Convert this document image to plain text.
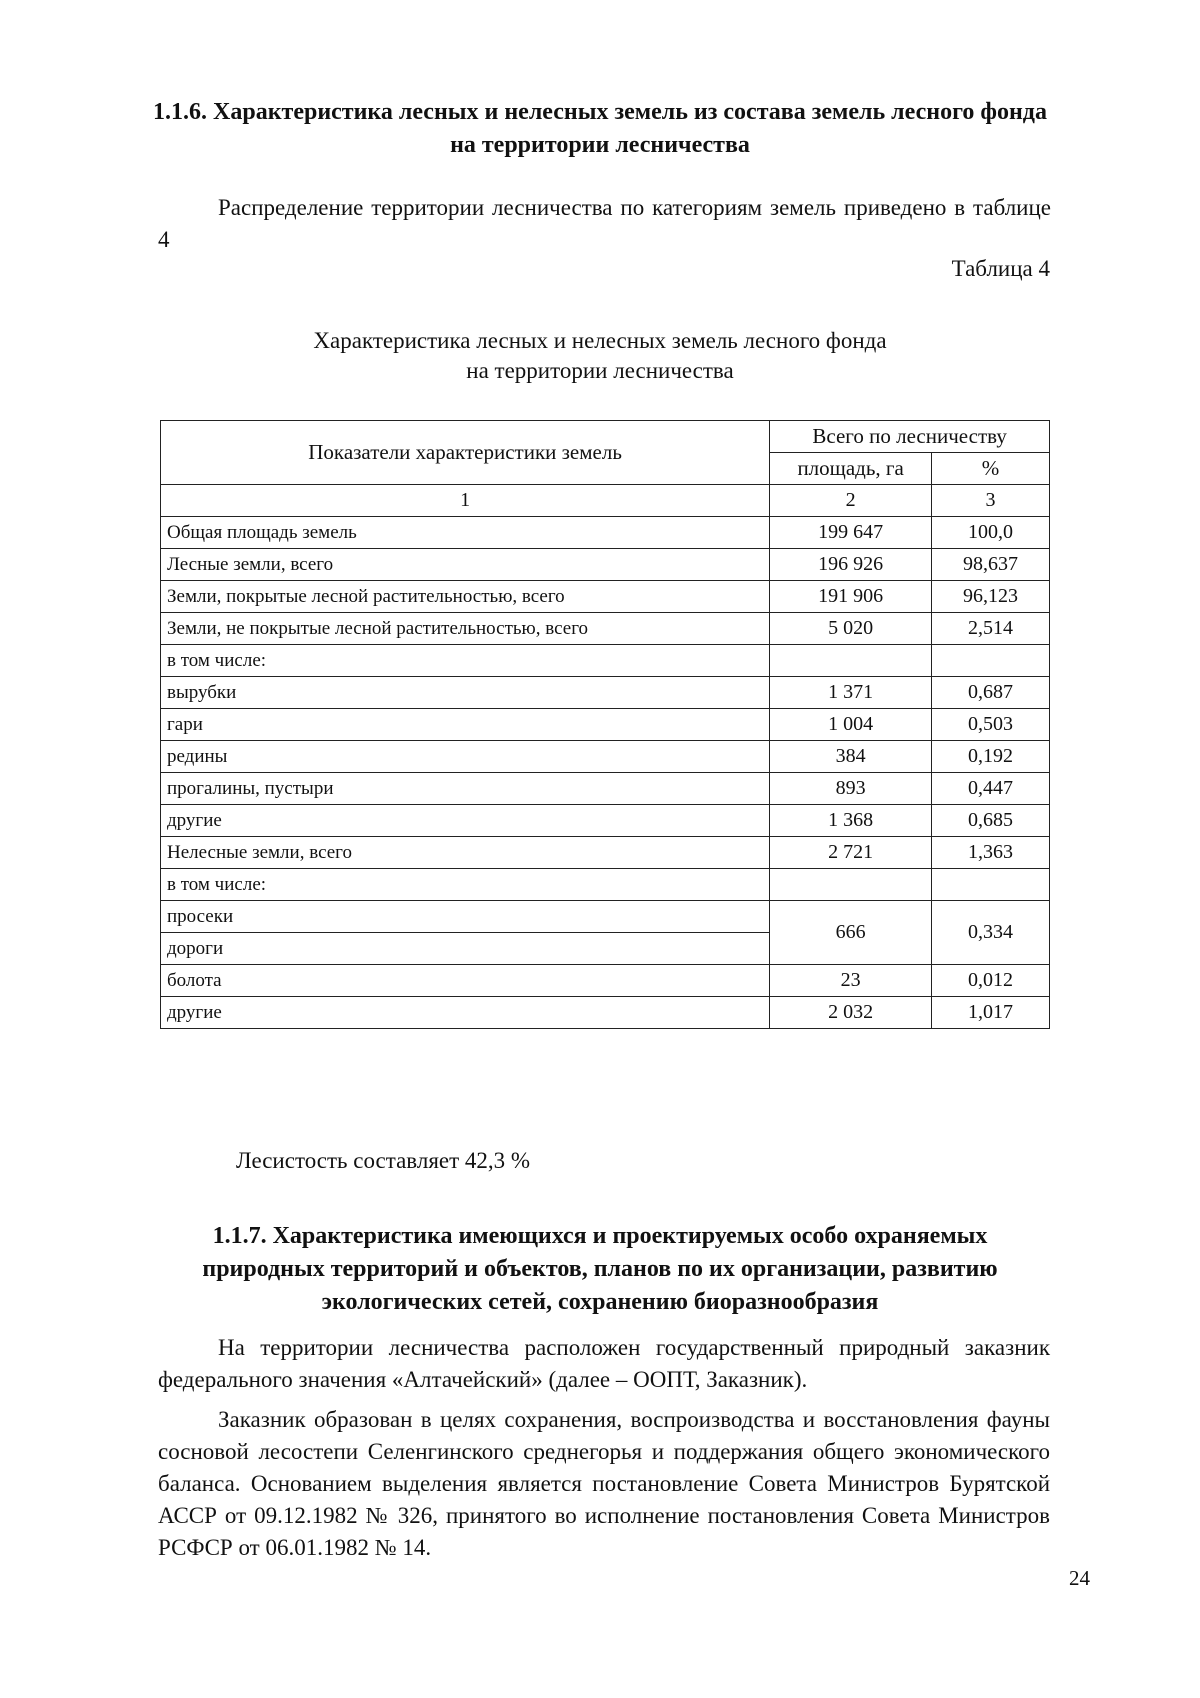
1.1.6. Характеристика лесных и нелесных земель из состава земель лесного фонда на территории лесничества
Распределение территории лесничества по категориям земель приведено в таблице 4
Таблица 4
Характеристика лесных и нелесных земель лесного фонда
на территории лесничества
Показатели характеристики земель	Всего по лесничеству	
	площадь, га	%
1	2	3
Общая площадь земель	199 647	100,0
Лесные земли, всего	196 926	98,637
Земли, покрытые лесной растительностью, всего	191 906	96,123
Земли, не покрытые лесной растительностью, всего	5 020	2,514
в том числе:		
вырубки	1 371	0,687
гари	1 004	0,503
редины	384	0,192
прогалины, пустыри	893	0,447
другие	1 368	0,685
Нелесные земли, всего	2 721	1,363
в том числе:		
просеки	666	0,334
дороги		
болота	23	0,012
другие	2 032	1,017
Лесистость составляет 42,3 %
1.1.7. Характеристика имеющихся и проектируемых особо охраняемых природных территорий и объектов, планов по их организации, развитию экологических сетей, сохранению биоразнообразия
На территории лесничества расположен государственный природный заказник федерального значения «Алтачейский» (далее – ООПТ, Заказник).
Заказник образован в целях сохранения, воспроизводства и восстановления фауны сосновой лесостепи Селенгинского среднегорья и поддержания общего экономического баланса. Основанием выделения является постановление Совета Министров Бурятской АССР от 09.12.1982 № 326, принятого во исполнение постановления Совета Министров РСФСР от 06.01.1982 № 14.
24
